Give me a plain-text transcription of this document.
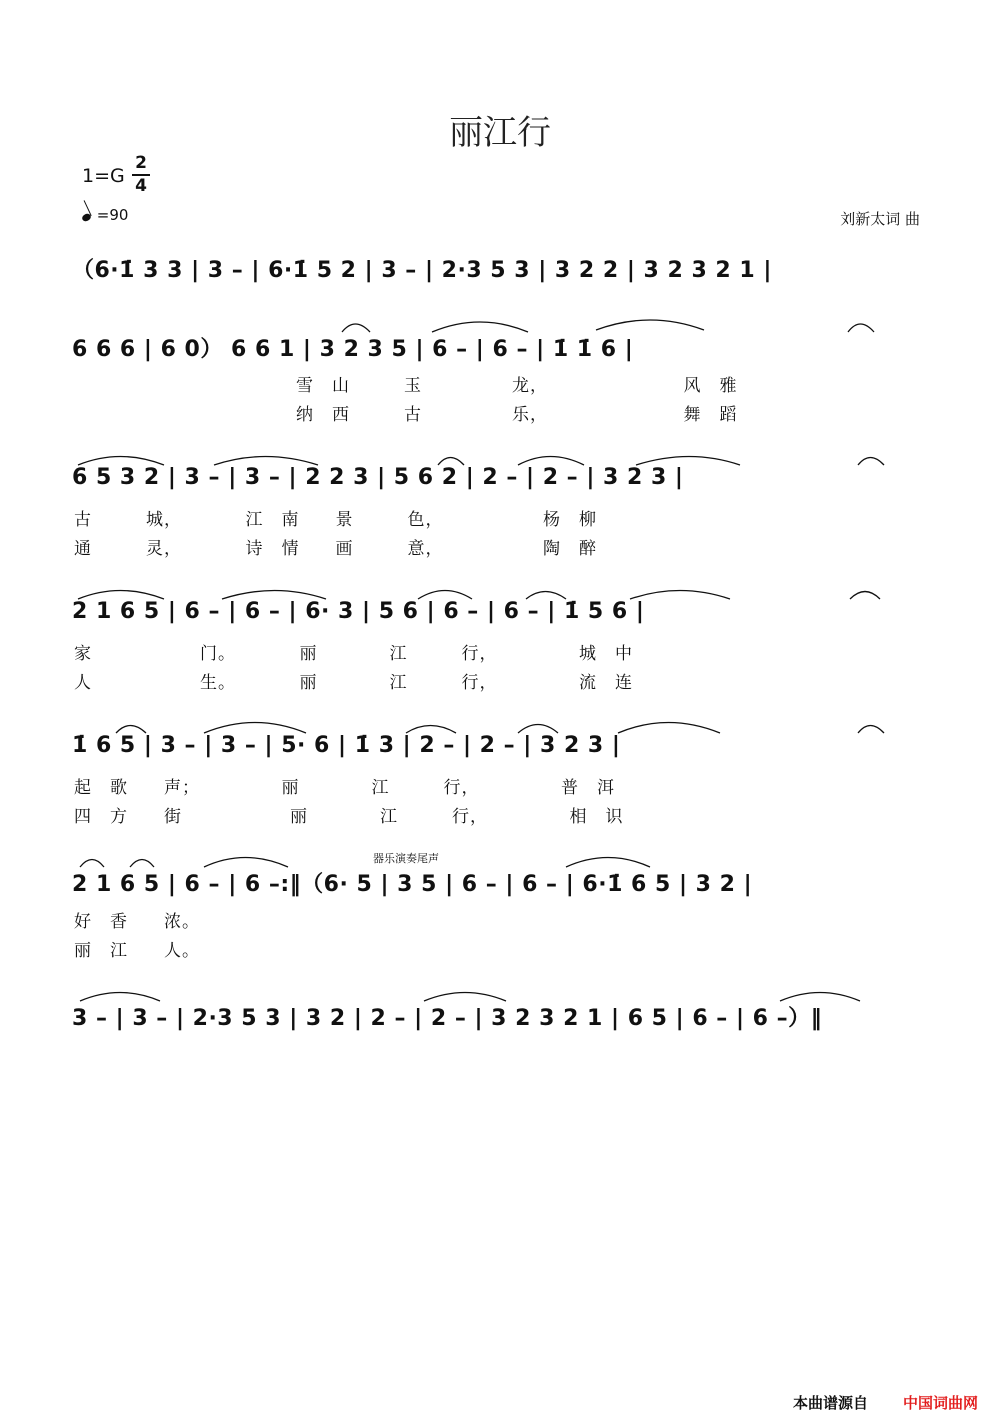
丽江行
1=G
2
4
=90	刘新太词 曲
（6·1̇ 3 3 | 3 – | 6·1̇ 5 2 | 3 – | 2·3 5 3 | 3 2 2 | 3 2 3 2 1 |
6 6 6 | 6 0） 6 6 1 | 3 2 3 5 | 6 – | 6 – | 1̇ 1̇ 6 |
雪　山　　　玉　　　　　龙，　　　　　　　　风　雅
纳　西　　　古　　　　　乐，　　　　　　　　舞　蹈
6 5 3 2 | 3 – | 3 – | 2 2 3 | 5 6 2 | 2 – | 2 – | 3 2 3 |
古　　　城，　　　　江　南　　景　　　色，　　　　　　杨　柳
通　　　灵，　　　　诗　情　　画　　　意，　　　　　　陶　醉
2 1 6 5 | 6 – | 6 – | 6· 3 | 5 6 | 6 – | 6 – | 1̇ 5 6 |
家　　　　　　门。　　　　丽　　　　江　　　行，　　　　　城　中
人　　　　　　生。　　　　丽　　　　江　　　行，　　　　　流　连
1̇ 6 5 | 3 – | 3 – | 5· 6 | 1̇ 3 | 2 – | 2 – | 3 2 3 |
起　歌　　声；　　　　　丽　　　　江　　　行，　　　　　普　洱
四　方　　街　　　　　　丽　　　　江　　　行，　　　　　相　识
器乐演奏尾声
2 1 6 5 | 6 – | 6 –:‖（6· 5 | 3 5 | 6 – | 6 – | 6·1̇ 6 5 | 3 2 |
好　香　　浓。
丽　江　　人。
3 – | 3 – | 2·3 5 3 | 3 2 | 2 – | 2 – | 3 2 3 2 1 | 6 5 | 6 – | 6 –）‖
本曲谱源自 中国词曲网
